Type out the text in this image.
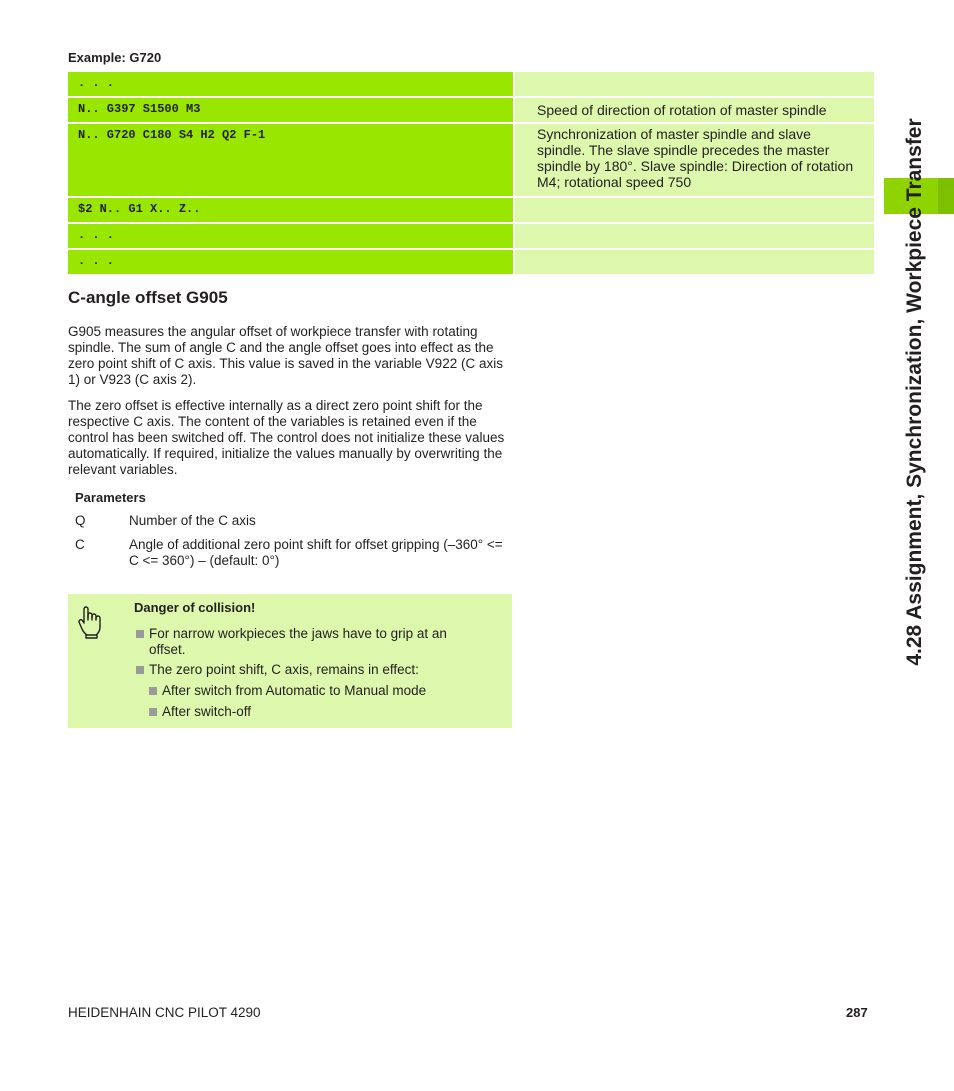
Example: G720
. . .
N.. G397 S1500 M3	Speed of direction of rotation of master spindle
N.. G720 C180 S4 H2 Q2 F-1	Synchronization of master spindle and slave spindle. The slave spindle precedes the master spindle by 180°. Slave spindle: Direction of rotation M4; rotational speed 750
$2 N.. G1 X.. Z..
. . .
. . .
C-angle offset G905

G905 measures the angular offset of workpiece transfer with rotating spindle. The sum of angle C and the angle offset goes into effect as the zero point shift of C axis. This value is saved in the variable V922 (C axis 1) or V923 (C axis 2).

The zero offset is effective internally as a direct zero point shift for the respective C axis. The content of the variables is retained even if the control has been switched off. The control does not initialize these values automatically. If required, initialize the values manually by overwriting the relevant variables.

Parameters
Q	Number of the C axis
C	Angle of additional zero point shift for offset gripping (–360° <= C <= 360°) – (default: 0°)
Danger of collision!
For narrow workpieces the jaws have to grip at an offset.
The zero point shift, C axis, remains in effect:
After switch from Automatic to Manual mode
After switch-off
4.28 Assignment, Synchronization, Workpiece Transfer
HEIDENHAIN CNC PILOT 4290	287
